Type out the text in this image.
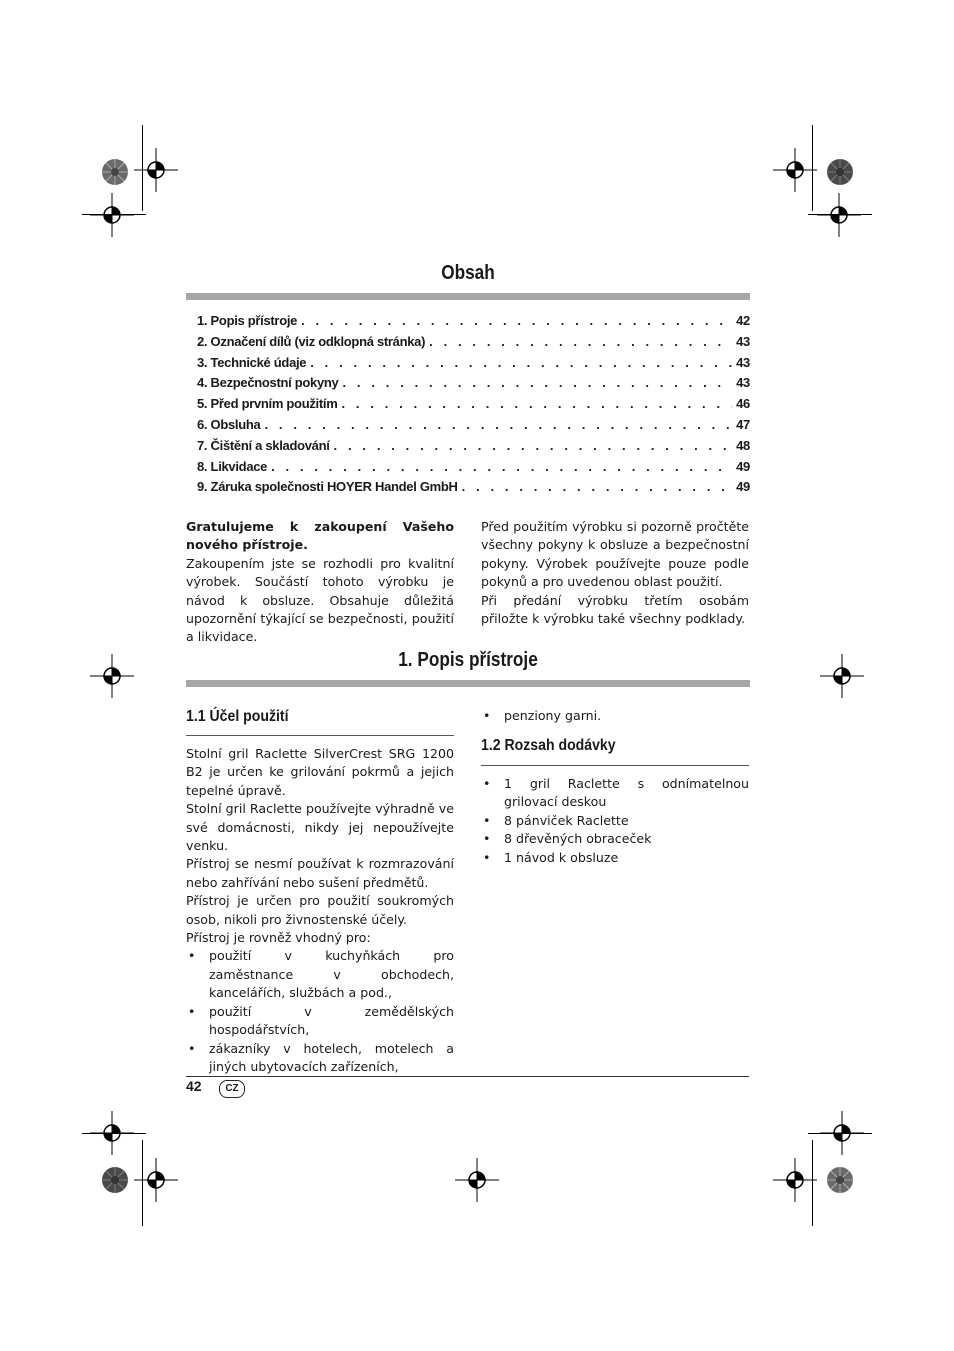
Obsah
1. Popis přístroje . . .	42
2. Označení dílů (viz odklopná stránka) . . .	43
3. Technické údaje . . .	43
4. Bezpečnostní pokyny . . .	43
5. Před prvním použitím . . .	46
6. Obsluha . . .	47
7. Čištění a skladování . . .	48
8. Likvidace . . .	49
9. Záruka společnosti HOYER Handel GmbH . . .	49

Gratulujeme k zakoupení Vašeho nového přístroje.

Zakoupením jste se rozhodli pro kvalitní výrobek. Součástí tohoto výrobku je návod k obsluze. Obsahuje důležitá upozornění týkající se bezpečnosti, použití a likvidace.

Před použitím výrobku si pozorně pročtěte všechny pokyny k obsluze a bezpečnostní pokyny. Výrobek používejte pouze podle pokynů a pro uvedenou oblast použití.

Při předání výrobku třetím osobám přiložte k výrobku také všechny podklady.

1. Popis přístroje
1.1 Účel použití

Stolní gril Raclette SilverCrest SRG 1200 B2 je určen ke grilování pokrmů a jejich tepelné úpravě.

Stolní gril Raclette používejte výhradně ve své domácnosti, nikdy jej nepoužívejte venku.

Přístroj se nesmí používat k rozmrazování nebo zahřívání nebo sušení předmětů.

Přístroj je určen pro použití soukromých osob, nikoli pro živnostenské účely.

Přístroj je rovněž vhodný pro:

• použití v kuchyňkách pro zaměstnance v obchodech, kancelářích, službách a pod.,
• použití v zemědělských hospodářstvích,
• zákazníky v hotelech, motelech a jiných ubytovacích zařízeních,
• penziony garni.
1.2 Rozsah dodávky
• 1 gril Raclette s odnímatelnou grilovací deskou
• 8 pánviček Raclette
• 8 dřevěných obraceček
• 1 návod k obsluze
42	CZ
